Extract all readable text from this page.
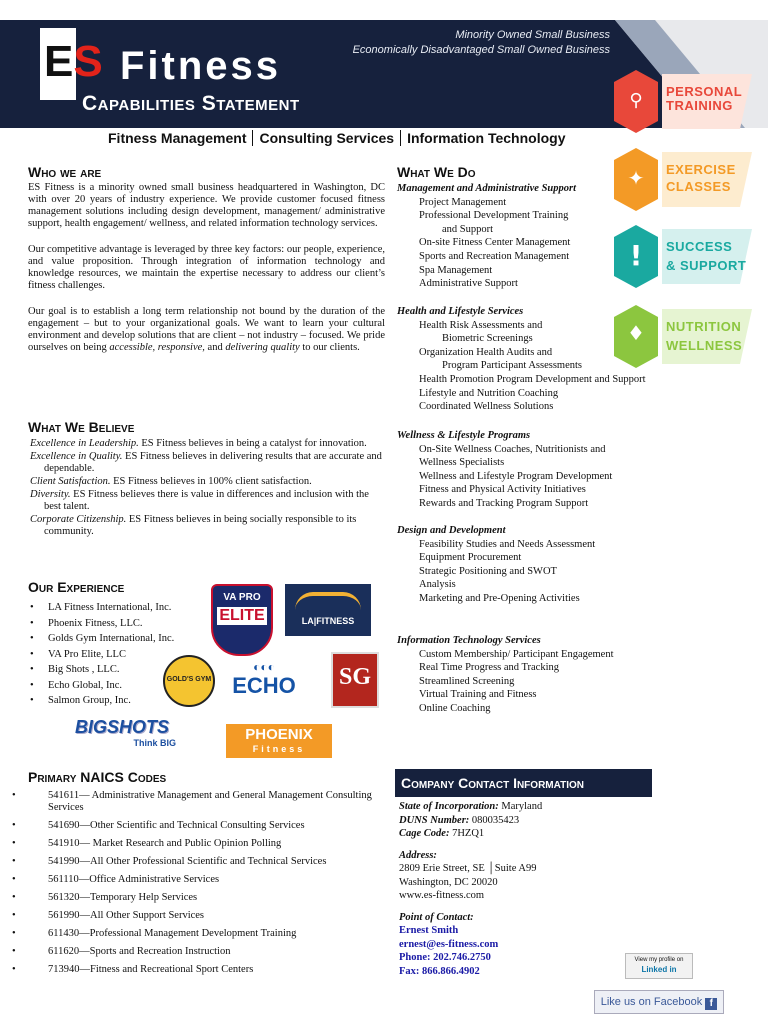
ES Fitness
Capabilities Statement
Minority Owned Small Business
Economically Disadvantaged Small Owned Business
Fitness Management Consulting Services Information Technology
Who we are

ES Fitness is a minority owned small business headquartered in Washington, DC with over 20 years of industry experience. We provide customer focused fitness management solutions including design development, management/ administrative support, health engagement/ wellness, and related information technology services.

Our competitive advantage is leveraged by three key factors: our people, experience, and value proposition. Through integration of information technology and knowledge resources, we maintain the expertise necessary to address our client’s fitness challenges.

Our goal is to establish a long term relationship not bound by the duration of the engagement – but to your organizational goals. We want to learn your cultural environment and develop solutions that are client – not industry – focused. We pride ourselves on being accessible, responsive, and delivering quality to our clients.

What We Believe
Excellence in Leadership. ES Fitness believes in being a catalyst for innovation.
Excellence in Quality. ES Fitness believes in delivering results that are accurate and dependable.
Client Satisfaction. ES Fitness believes in 100% client satisfaction.
Diversity. ES Fitness believes there is value in differences and inclusion with the best talent.
Corporate Citizenship. ES Fitness believes in being socially responsible to its community.
Our Experience
• LA Fitness International, Inc.
• Phoenix Fitness, LLC.
• Golds Gym International, Inc.
• VA Pro Elite, LLC
• Big Shots , LLC.
• Echo Global, Inc.
• Salmon Group, Inc.
VA PRO
ELITE	LA|FITNESS
GOLD'S GYM
◐◐◐
ECHO SG
BIGSHOTS
Think BIG	PHOENIX
Fitness
Primary NAICS Codes
• 541611— Administrative Management and General Management Consulting Services
• 541690—Other Scientific and Technical Consulting Services
• 541910— Market Research and Public Opinion Polling
• 541990—All Other Professional Scientific and Technical Services
• 561110—Office Administrative Services
• 561320—Temporary Help Services
• 561990—All Other Support Services
• 611430—Professional Management Development Training
• 611620—Sports and Recreation Instruction
• 713940—Fitness and Recreational Sport Centers
What We Do
Management and Administrative Support
Project Management
Professional Development Training
and Support
On-site Fitness Center Management
Sports and Recreation Management
Spa Management
Administrative Support
Health and Lifestyle Services
Health Risk Assessments and
Biometric Screenings
Organization Health Audits and
Program Participant Assessments
Health Promotion Program Development and Support
Lifestyle and Nutrition Coaching
Coordinated Wellness Solutions
Wellness & Lifestyle Programs
On-Site Wellness Coaches, Nutritionists and
Wellness Specialists
Wellness and Lifestyle Program Development
Fitness and Physical Activity Initiatives
Rewards and Tracking Program Support
Design and Development
Feasibility Studies and Needs Assessment
Equipment Procurement
Strategic Positioning and SWOT
Analysis
Marketing and Pre-Opening Activities
Information Technology Services
Custom Membership/ Participant Engagement
Real Time Progress and Tracking
Streamlined Screening
Virtual Training and Fitness
Online Coaching
⚲	PERSONAL
TRAINING
✦	EXERCISE
CLASSES
!	SUCCESS
& SUPPORT
♦	NUTRITION
WELLNESS
Company Contact Information
State of Incorporation: Maryland
DUNS Number: 080035423
Cage Code: 7HZQ1
Address:
2809 Erie Street, SE │Suite A99
Washington, DC 20020
www.es-fitness.com
Point of Contact:
Ernest Smith
ernest@es-fitness.com
Phone: 202.746.2750
Fax: 866.866.4902
View my profile on
Linked in
Like us on Facebook f
